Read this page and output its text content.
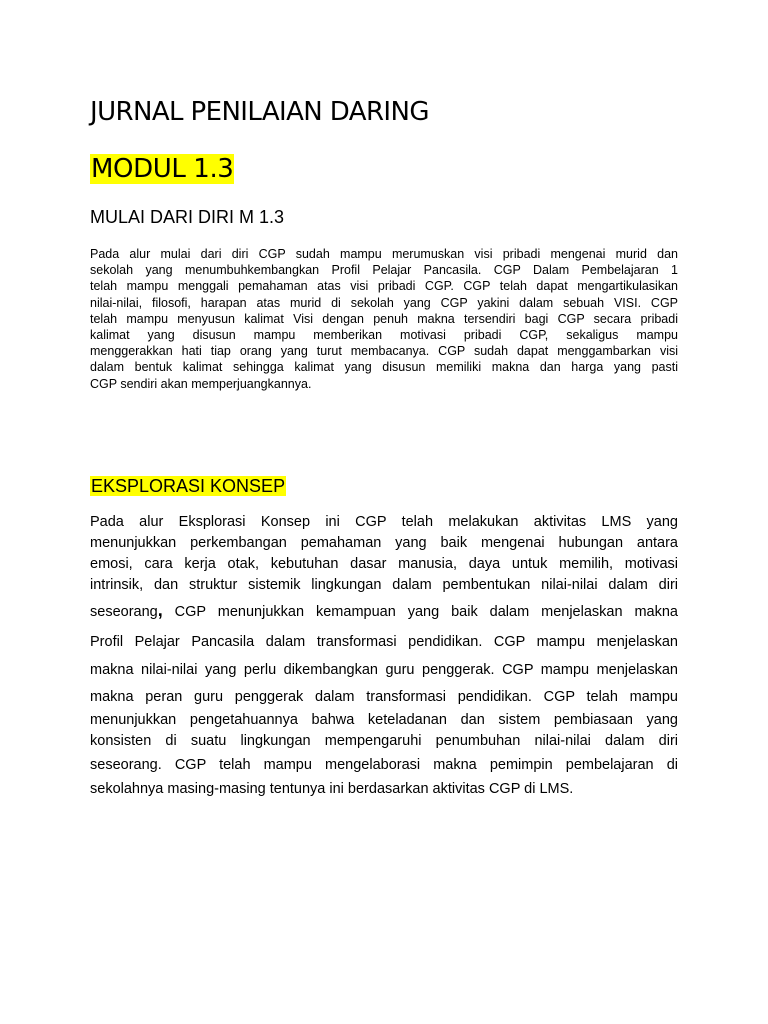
JURNAL PENILAIAN DARING
MODUL 1.3
MULAI DARI DIRI M 1.3
Pada alur mulai dari diri CGP sudah mampu merumuskan visi pribadi mengenai murid dan
sekolah yang menumbuhkembangkan Profil Pelajar Pancasila. CGP Dalam Pembelajaran 1
telah mampu menggali pemahaman atas visi pribadi CGP. CGP telah dapat mengartikulasikan
nilai-nilai, filosofi, harapan atas murid di sekolah yang CGP yakini dalam sebuah VISI. CGP
telah mampu menyusun kalimat Visi dengan penuh makna tersendiri bagi CGP secara pribadi
kalimat yang disusun mampu memberikan motivasi pribadi CGP, sekaligus mampu
menggerakkan hati tiap orang yang turut membacanya. CGP sudah dapat menggambarkan visi
dalam bentuk kalimat sehingga kalimat yang disusun memiliki makna dan harga yang pasti
CGP sendiri akan memperjuangkannya.
EKSPLORASI KONSEP
Pada alur Eksplorasi Konsep ini CGP telah melakukan aktivitas LMS yang
menunjukkan perkembangan pemahaman yang baik mengenai hubungan antara
emosi, cara kerja otak, kebutuhan dasar manusia, daya untuk memilih, motivasi
intrinsik, dan struktur sistemik lingkungan dalam pembentukan nilai-nilai dalam diri
seseorang, CGP menunjukkan kemampuan yang baik dalam menjelaskan makna
Profil Pelajar Pancasila dalam transformasi pendidikan. CGP mampu menjelaskan
makna nilai-nilai yang perlu dikembangkan guru penggerak. CGP mampu menjelaskan
makna peran guru penggerak dalam transformasi pendidikan. CGP telah mampu
menunjukkan pengetahuannya bahwa keteladanan dan sistem pembiasaan yang
konsisten di suatu lingkungan mempengaruhi penumbuhan nilai-nilai dalam diri
seseorang. CGP telah mampu mengelaborasi makna pemimpin pembelajaran di
sekolahnya masing-masing tentunya ini berdasarkan aktivitas CGP di LMS.
